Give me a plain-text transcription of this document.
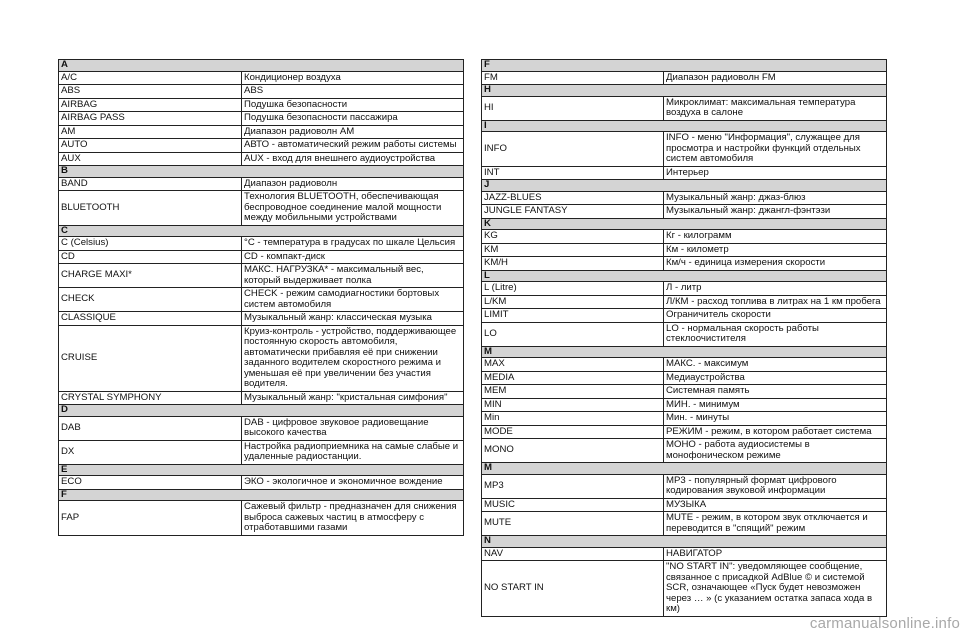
A	
A/C	Кондиционер воздуха
ABS	ABS
AIRBAG	Подушка безопасности
AIRBAG PASS	Подушка безопасности пассажира
AM	Диапазон радиоволн AM
AUTO	АВТО - автоматический режим работы системы
AUX	AUX - вход для внешнего аудиоустройства
B	
BAND	Диапазон радиоволн
BLUETOOTH	Технология BLUETOOTH, обеспечивающая беспроводное соединение малой мощности между мобильными устройствами
C	
C (Celsius)	°C - температура в градусах по шкале Цельсия
CD	CD - компакт-диск
CHARGE MAXI*	МАКС. НАГРУЗКА* - максимальный вес, который выдерживает полка
CHECK	CHECK - режим самодиагностики бортовых систем автомобиля
CLASSIQUE	Музыкальный жанр: классическая музыка
CRUISE	Круиз-контроль - устройство, поддерживающее постоянную скорость автомобиля, автоматически прибавляя её при снижении заданного водителем скоростного режима и уменьшая её при увеличении без участия водителя.
CRYSTAL SYMPHONY	Музыкальный жанр: "кристальная симфония"
D	
DAB	DAB - цифровое звуковое радиовещание высокого качества
DX	Настройка радиоприемника на самые слабые и удаленные радиостанции.
E	
ECO	ЭКО - экологичное и экономичное вождение
F	
FAP	Сажевый фильтр - предназначен для снижения выброса сажевых частиц в атмосферу с отработавшими газами
F	
FM	Диапазон радиоволн FM
H	
HI	Микроклимат: максимальная температура воздуха в салоне
I	
INFO	INFO - меню "Информация", служащее для просмотра и настройки функций отдельных систем автомобиля
INT	Интерьер
J	
JAZZ-BLUES	Музыкальный жанр: джаз-блюз
JUNGLE FANTASY	Музыкальный жанр: джангл-фэнтэзи
K	
KG	Кг - килограмм
KM	Км - километр
KM/H	Км/ч - единица измерения скорости
L	
L (Litre)	Л - литр
L/KM	Л/КМ - расход топлива в литрах на 1 км пробега
LIMIT	Ограничитель скорости
LO	LO - нормальная скорость работы стеклоочистителя
M	
MAX	МАКС. - максимум
MEDIA	Медиаустройства
MEM	Системная память
MIN	МИН. - минимум
Min	Мин. - минуты
MODE	РЕЖИМ - режим, в котором работает система
MONO	МОНО - работа аудиосистемы в монофоническом режиме
M	
MP3	MP3 - популярный формат цифрового кодирования звуковой информации
MUSIC	МУЗЫКА
MUTE	MUTE - режим, в котором звук отключается и переводится в "спящий" режим
N	
NAV	НАВИГАТОР
NO START IN	"NO START IN": уведомляющее сообщение, связанное с присадкой AdBlue © и системой SCR, означающее «Пуск будет невозможен через … » (с указанием остатка запаса хода в км)
carmanualsonline.info
